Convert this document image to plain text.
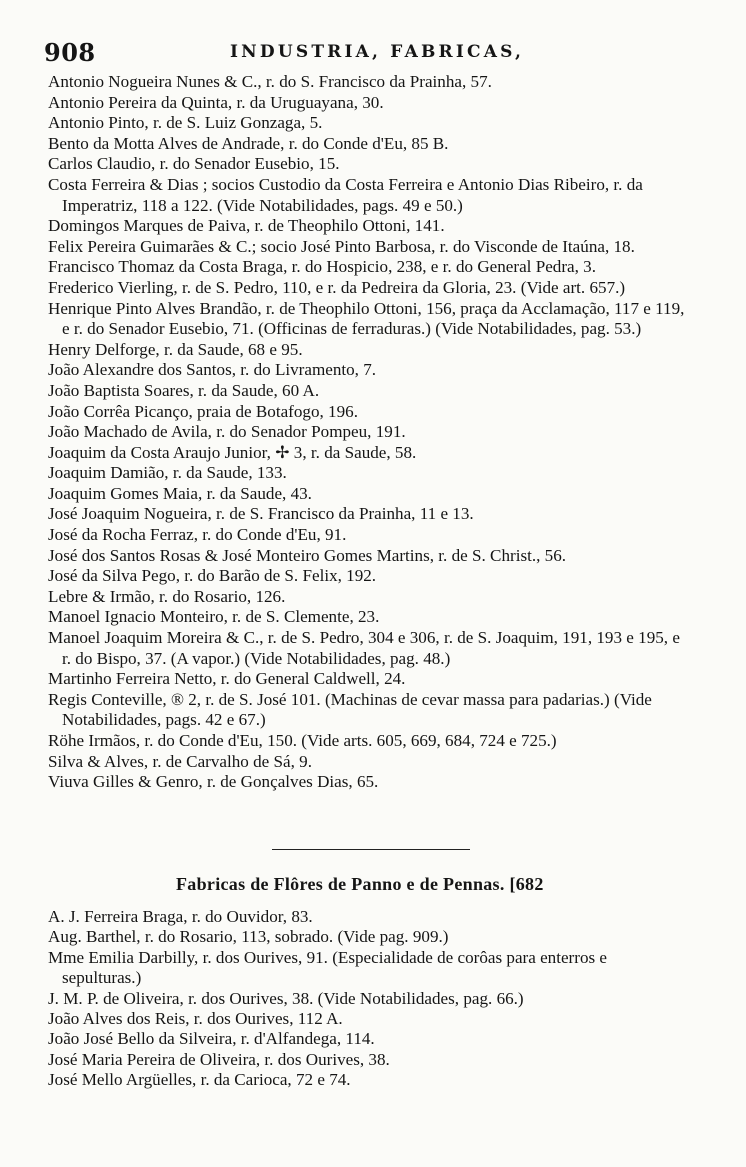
908	INDUSTRIA, FABRICAS,
Antonio Nogueira Nunes & C., r. do S. Francisco da Prainha, 57.
Antonio Pereira da Quinta, r. da Uruguayana, 30.
Antonio Pinto, r. de S. Luiz Gonzaga, 5.
Bento da Motta Alves de Andrade, r. do Conde d'Eu, 85 B.
Carlos Claudio, r. do Senador Eusebio, 15.
Costa Ferreira & Dias ; socios Custodio da Costa Ferreira e Antonio Dias Ribeiro, r. da Imperatriz, 118 a 122. (Vide Notabilidades, pags. 49 e 50.)
Domingos Marques de Paiva, r. de Theophilo Ottoni, 141.
Felix Pereira Guimarães & C.; socio José Pinto Barbosa, r. do Visconde de Itaúna, 18.
Francisco Thomaz da Costa Braga, r. do Hospicio, 238, e r. do General Pedra, 3.
Frederico Vierling, r. de S. Pedro, 110, e r. da Pedreira da Gloria, 23. (Vide art. 657.)
Henrique Pinto Alves Brandão, r. de Theophilo Ottoni, 156, praça da Acclamação, 117 e 119, e r. do Senador Eusebio, 71. (Officinas de ferraduras.) (Vide Notabilidades, pag. 53.)
Henry Delforge, r. da Saude, 68 e 95.
João Alexandre dos Santos, r. do Livramento, 7.
João Baptista Soares, r. da Saude, 60 A.
João Corrêa Picanço, praia de Botafogo, 196.
João Machado de Avila, r. do Senador Pompeu, 191.
Joaquim da Costa Araujo Junior, ✢ 3, r. da Saude, 58.
Joaquim Damião, r. da Saude, 133.
Joaquim Gomes Maia, r. da Saude, 43.
José Joaquim Nogueira, r. de S. Francisco da Prainha, 11 e 13.
José da Rocha Ferraz, r. do Conde d'Eu, 91.
José dos Santos Rosas & José Monteiro Gomes Martins, r. de S. Christ., 56.
José da Silva Pego, r. do Barão de S. Felix, 192.
Lebre & Irmão, r. do Rosario, 126.
Manoel Ignacio Monteiro, r. de S. Clemente, 23.
Manoel Joaquim Moreira & C., r. de S. Pedro, 304 e 306, r. de S. Joaquim, 191, 193 e 195, e r. do Bispo, 37. (A vapor.) (Vide Notabilidades, pag. 48.)
Martinho Ferreira Netto, r. do General Caldwell, 24.
Regis Conteville, ® 2, r. de S. José 101. (Machinas de cevar massa para padarias.) (Vide Notabilidades, pags. 42 e 67.)
Röhe Irmãos, r. do Conde d'Eu, 150. (Vide arts. 605, 669, 684, 724 e 725.)
Silva & Alves, r. de Carvalho de Sá, 9.
Viuva Gilles & Genro, r. de Gonçalves Dias, 65.
Fabricas de Flôres de Panno e de Pennas. [682
A. J. Ferreira Braga, r. do Ouvidor, 83.
Aug. Barthel, r. do Rosario, 113, sobrado. (Vide pag. 909.)
Mme Emilia Darbilly, r. dos Ourives, 91. (Especialidade de corôas para enterros e sepulturas.)
J. M. P. de Oliveira, r. dos Ourives, 38. (Vide Notabilidades, pag. 66.)
João Alves dos Reis, r. dos Ourives, 112 A.
João José Bello da Silveira, r. d'Alfandega, 114.
José Maria Pereira de Oliveira, r. dos Ourives, 38.
José Mello Argüelles, r. da Carioca, 72 e 74.
